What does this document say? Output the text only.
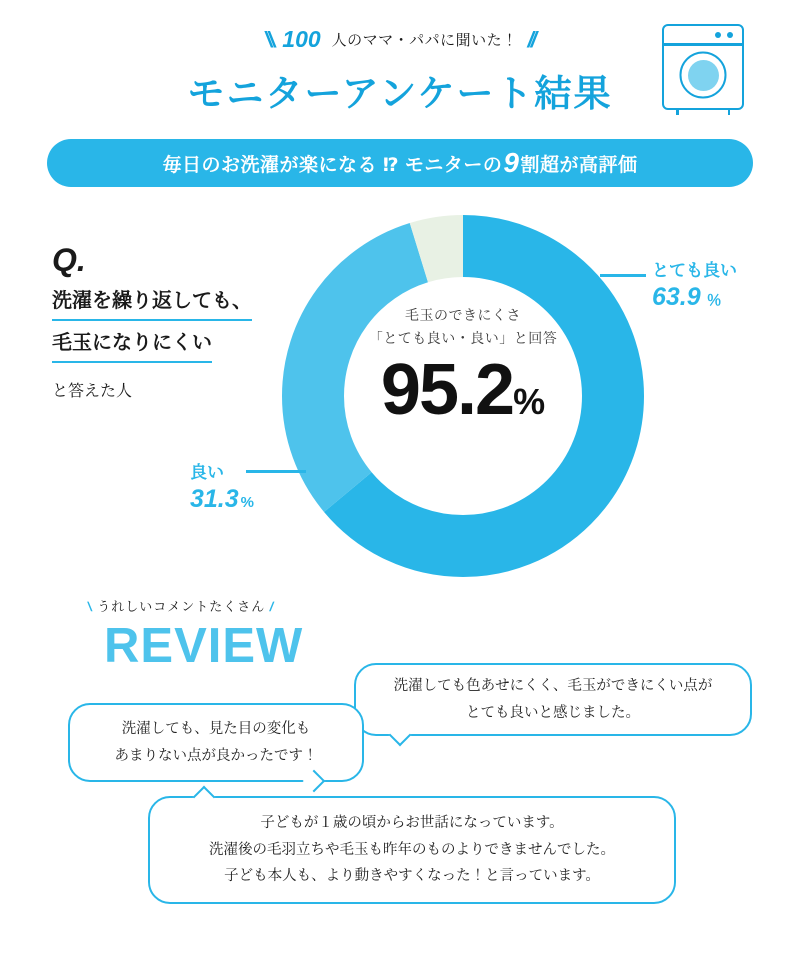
\\ 100 人のママ・パパに聞いた！ //
モニターアンケート結果
毎日のお洗濯が楽になる ⁉ モニターの 9 割超が高評価
Q.
洗濯を繰り返しても、
毛玉になりにくい
と答えた人
毛玉のできにくさ
「とても良い・良い」と回答
95.2%
とても良い
63.9 ％
良い
31.3 %
\ うれしいコメントたくさん /
REVIEW
洗濯しても色あせにくく、毛玉ができにくい点が
とても良いと感じました。
洗濯しても、見た目の変化も
あまりない点が良かったです！
子どもが１歳の頃からお世話になっています。
洗濯後の毛羽立ちや毛玉も昨年のものよりできませんでした。
子ども本人も、より動きやすくなった！と言っています。
